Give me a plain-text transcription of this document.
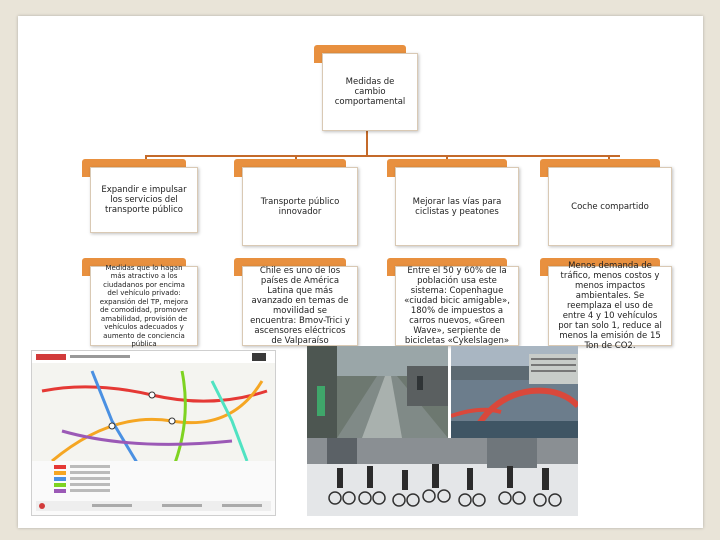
Medidas de cambio comportamental
Expandir e impulsar los servicios del transporte público
Transporte público innovador
Mejorar las vías para ciclistas y peatones	Coche compartido
Medidas que lo hagan más atractivo a los ciudadanos por encima del vehículo privado: expansión del TP, mejora de comodidad, promover amabilidad, provisión de vehículos adecuados y aumento de conciencia pública
Chile es uno de los países de América Latina que más avanzado en temas de movilidad se encuentra: Bmov-Trici y ascensores eléctricos de Valparaíso
Entre el 50 y 60% de la población usa este sistema: Copenhague «ciudad bicic amigable», 180% de impuestos a carros nuevos, «Green Wave», serpiente de bicicletas «Cykelslagen»
Menos demanda de tráfico, menos costos y menos impactos ambientales. Se reemplaza el uso de entre 4 y 10 vehículos por tan solo 1, reduce al menos la emisión de 15 Ton de CO2.
